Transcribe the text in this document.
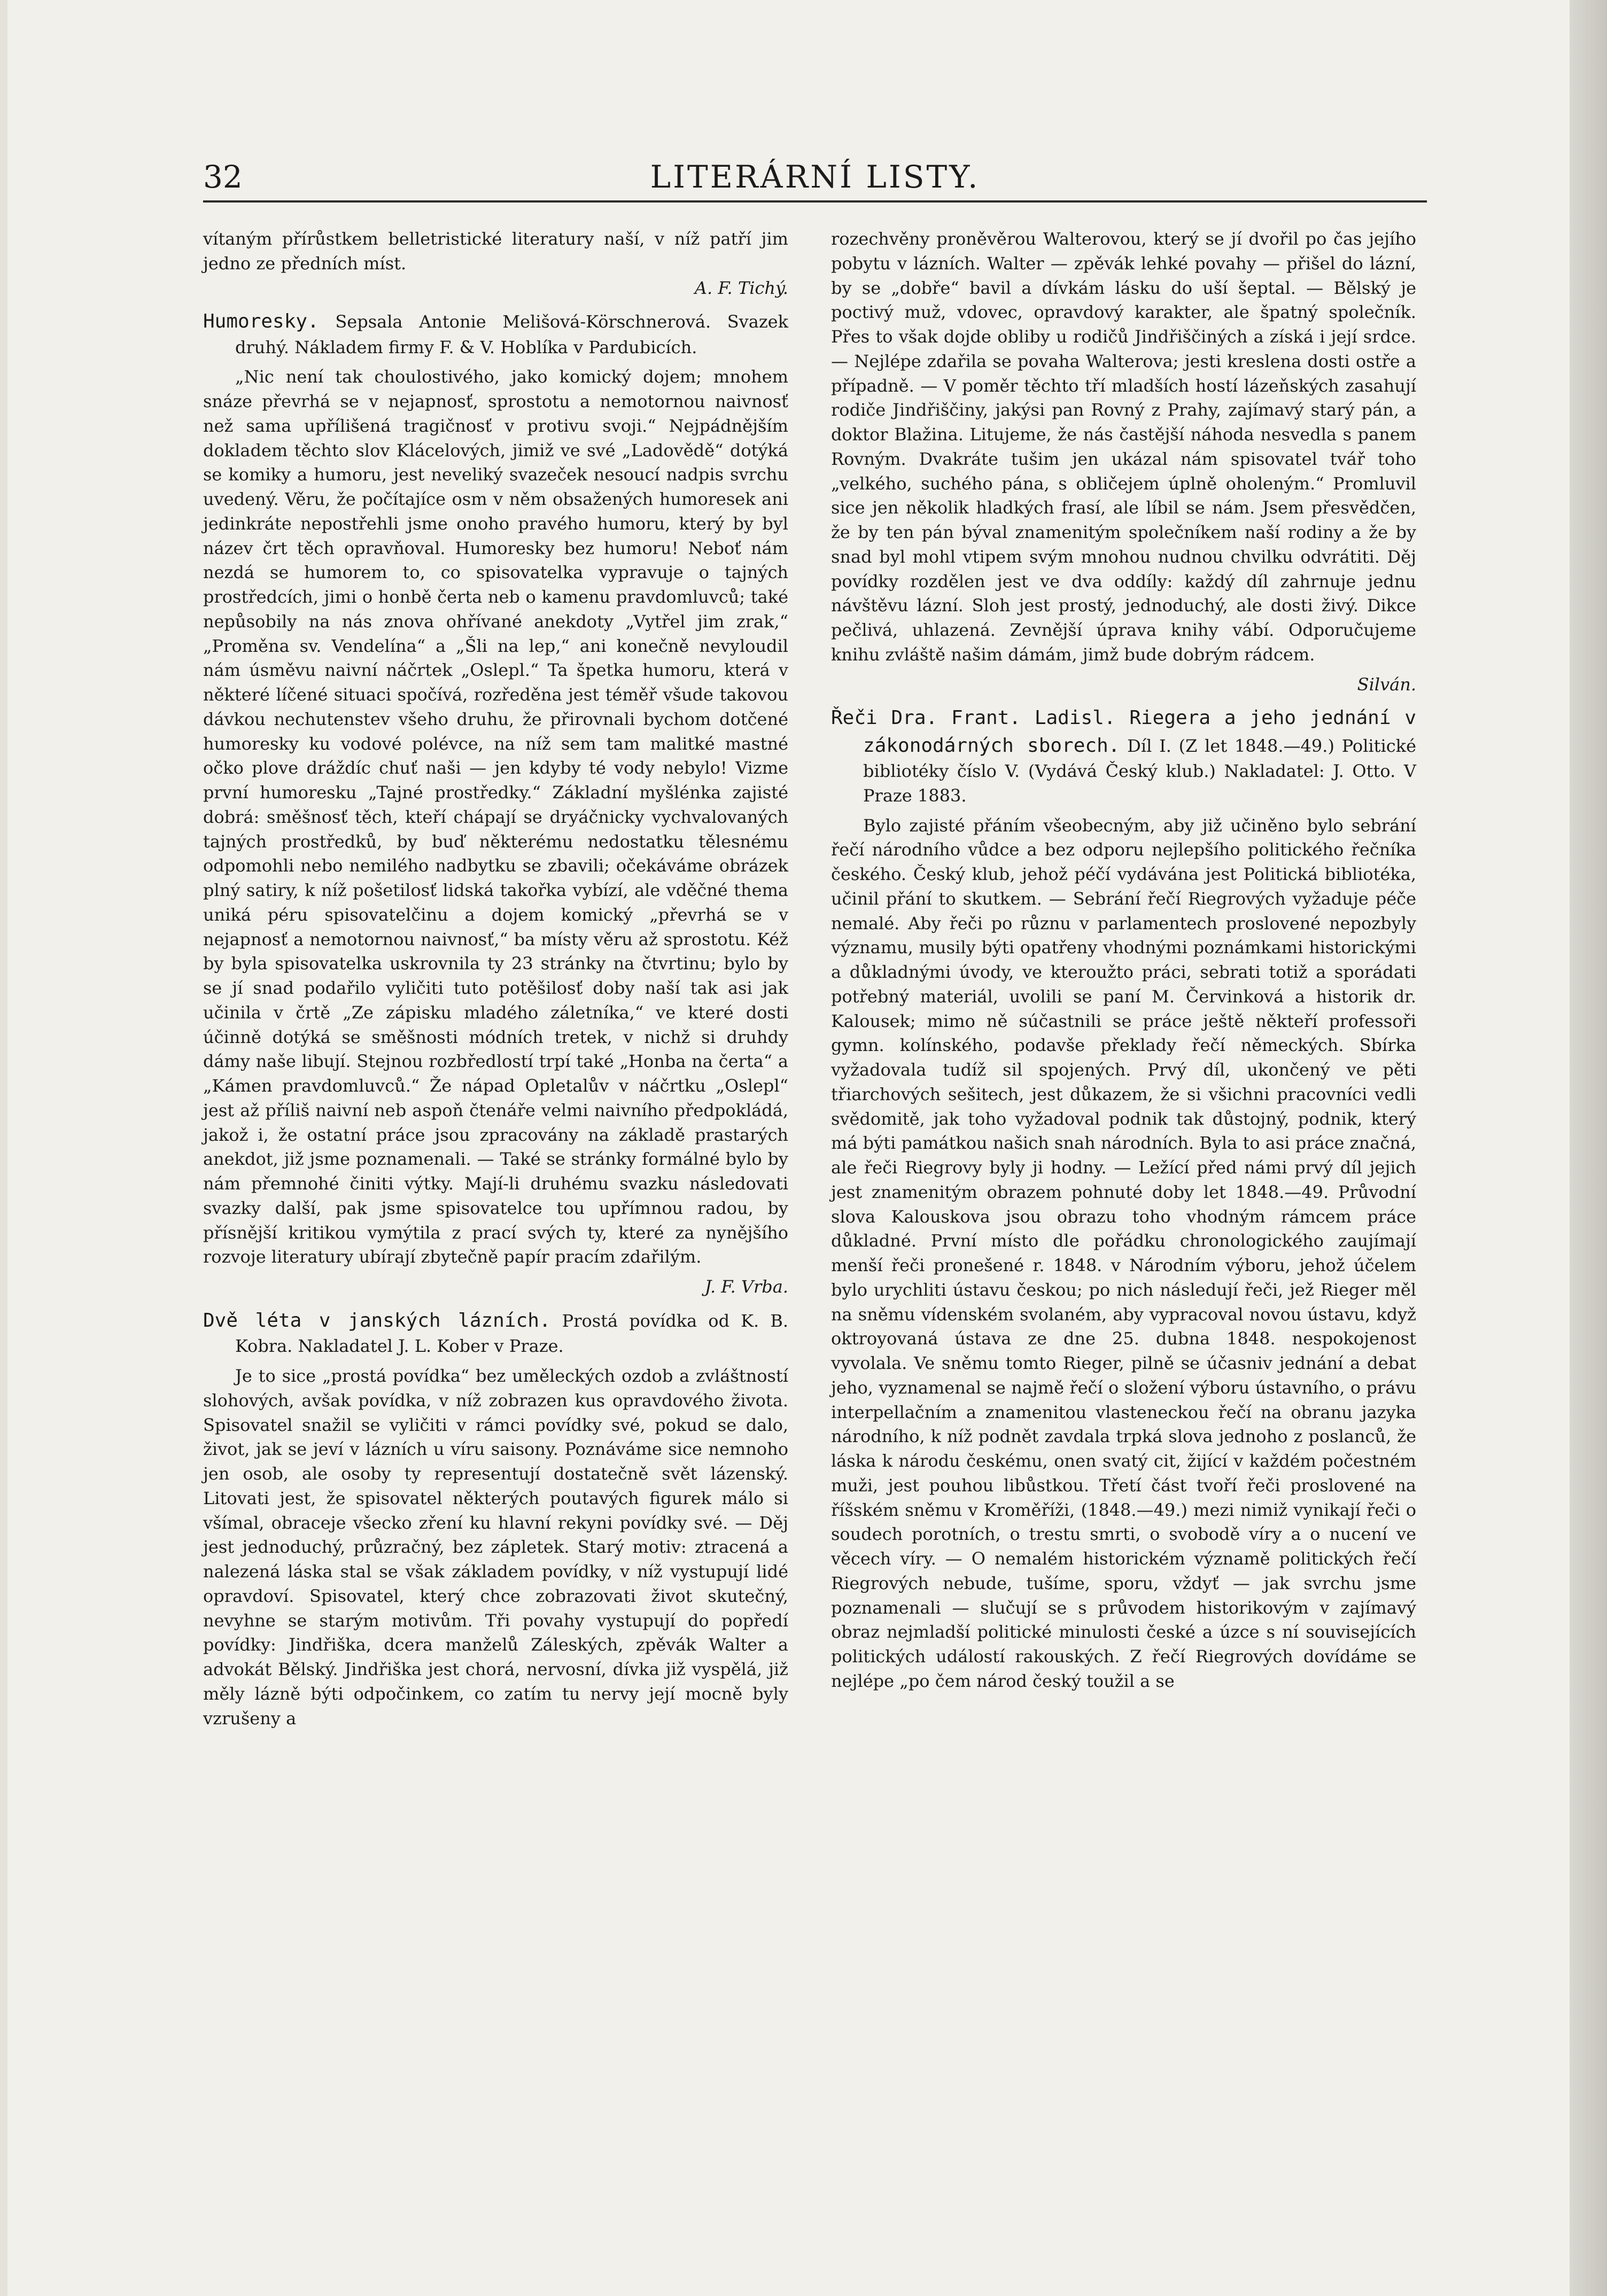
32	LITERÁRNÍ LISTY.

vítaným přírůstkem belletristické literatury naší, v níž patří jim jedno ze předních míst.
A. F. Tichý.

Humoresky. Sepsala Antonie Melišová-Körschnerová. Svazek druhý. Nákladem firmy F. & V. Hoblíka v Pardubicích.

„Nic není tak choulostivého, jako komický dojem; mnohem snáze převrhá se v nejapnosť, sprostotu a nemotornou naivnosť než sama upřílišená tragičnosť v protivu svoji.“ Nejpádnějším dokladem těchto slov Klácelových, jimiž ve své „Ladovědě“ dotýká se komiky a humoru, jest neveliký svazeček nesoucí nadpis svrchu uvedený. Věru, že počítajíce osm v něm obsažených humoresek ani jedinkráte nepostřehli jsme onoho pravého humoru, který by byl název črt těch opravňoval. Humoresky bez humoru! Neboť nám nezdá se humorem to, co spisovatelka vypravuje o tajných prostředcích, jimi o honbě čerta neb o kamenu pravdomluvců; také nepůsobily na nás znova ohřívané anekdoty „Vytřel jim zrak,“ „Proměna sv. Vendelína“ a „Šli na lep,“ ani konečně nevyloudil nám úsměvu naivní náčrtek „Oslepl.“ Ta špetka humoru, která v některé líčené situaci spočívá, rozředěna jest téměř všude takovou dávkou nechutenstev všeho druhu, že přirovnali bychom dotčené humoresky ku vodové polévce, na níž sem tam malitké mastné očko plove dráždíc chuť naši — jen kdyby té vody nebylo! Vizme první humoresku „Tajné prostředky.“ Základní myšlénka zajisté dobrá: směšnosť těch, kteří chápají se dryáčnicky vychvalovaných tajných prostředků, by buď některému nedostatku tělesnému odpomohli nebo nemilého nadbytku se zbavili; očekáváme obrázek plný satiry, k níž pošetilosť lidská takořka vybízí, ale vděčné thema uniká péru spisovatelčinu a dojem komický „převrhá se v nejapnosť a nemotornou naivnosť,“ ba místy věru až sprostotu. Kéž by byla spisovatelka uskrovnila ty 23 stránky na čtvrtinu; bylo by se jí snad podařilo vyličiti tuto potěšilosť doby naší tak asi jak učinila v črtě „Ze zápisku mladého záletníka,“ ve které dosti účinně dotýká se směšnosti módních tretek, v nichž si druhdy dámy naše libují. Stejnou rozbředlostí trpí také „Honba na čerta“ a „Kámen pravdomluvců.“ Že nápad Opletalův v náčrtku „Oslepl“ jest až příliš naivní neb aspoň čtenáře velmi naivního předpokládá, jakož i, že ostatní práce jsou zpracovány na základě prastarých anekdot, již jsme poznamenali. — Také se stránky formálné bylo by nám přemnohé činiti výtky. Mají-li druhému svazku následovati svazky další, pak jsme spisovatelce tou upřímnou radou, by přísnější kritikou vymýtila z prací svých ty, které za nynějšího rozvoje literatury ubírají zbytečně papír pracím zdařilým.

J. F. Vrba.
Dvě léta v janských lázních. Prostá povídka od K. B. Kobra. Nakladatel J. L. Kober v Praze.

Je to sice „prostá povídka“ bez uměleckých ozdob a zvláštností slohových, avšak povídka, v níž zobrazen kus opravdového života. Spisovatel snažil se vyličiti v rámci povídky své, pokud se dalo, život, jak se jeví v lázních u víru saisony. Poznáváme sice nemnoho jen osob, ale osoby ty representují dostatečně svět lázenský. Litovati jest, že spisovatel některých poutavých figurek málo si všímal, obraceje všecko zření ku hlavní rekyni povídky své. — Děj jest jednoduchý, průzračný, bez zápletek. Starý motiv: ztracená a nalezená láska stal se však základem povídky, v níž vystupují lidé opravdoví. Spisovatel, který chce zobrazovati život skutečný, nevyhne se starým motivům. Tři povahy vystupují do popředí povídky: Jindřiška, dcera manželů Záleských, zpěvák Walter a advokát Bělský. Jindřiška jest chorá, nervosní, dívka již vyspělá, již měly lázně býti odpočinkem, co zatím tu nervy její mocně byly vzrušeny a

rozechvěny proněvěrou Walterovou, který se jí dvořil po čas jejího pobytu v lázních. Walter — zpěvák lehké povahy — přišel do lázní, by se „dobře“ bavil a dívkám lásku do uší šeptal. — Bělský je poctivý muž, vdovec, opravdový karakter, ale špatný společník. Přes to však dojde obliby u rodičů Jindřiščiných a získá i její srdce. — Nejlépe zdařila se povaha Walterova; jesti kreslena dosti ostře a případně. — V poměr těchto tří mladších hostí lázeňských zasahují rodiče Jindřiščiny, jakýsi pan Rovný z Prahy, zajímavý starý pán, a doktor Blažina. Litujeme, že nás častější náhoda nesvedla s panem Rovným. Dvakráte tušim jen ukázal nám spisovatel tvář toho „velkého, suchého pána, s obličejem úplně oholeným.“ Promluvil sice jen několik hladkých frasí, ale líbil se nám. Jsem přesvědčen, že by ten pán býval znamenitým společníkem naší rodiny a že by snad byl mohl vtipem svým mnohou nudnou chvilku odvrátiti. Děj povídky rozdělen jest ve dva oddíly: každý díl zahrnuje jednu návštěvu lázní. Sloh jest prostý, jednoduchý, ale dosti živý. Dikce pečlivá, uhlazená. Zevnější úprava knihy vábí. Odporučujeme knihu zvláště našim dámám, jimž bude dobrým rádcem.

Silván.
Řeči Dra. Frant. Ladisl. Riegera a jeho jednání v zákonodárných sborech. Díl I. (Z let 1848.—49.) Politické bibliotéky číslo V. (Vydává Český klub.) Nakladatel: J. Otto. V Praze 1883.

Bylo zajisté přáním všeobecným, aby již učiněno bylo sebrání řečí národního vůdce a bez odporu nejlepšího politického řečníka českého. Český klub, jehož péčí vydávána jest Politická bibliotéka, učinil přání to skutkem. — Sebrání řečí Riegrových vyžaduje péče nemalé. Aby řeči po různu v parlamentech proslovené nepozbyly významu, musily býti opatřeny vhodnými poznámkami historickými a důkladnými úvody, ve kteroužto práci, sebrati totiž a sporádati potřebný materiál, uvolili se paní M. Červinková a historik dr. Kalousek; mimo ně súčastnili se práce ještě někteří professoři gymn. kolínského, podavše překlady řečí německých. Sbírka vyžadovala tudíž sil spojených. Prvý díl, ukončený ve pěti třiarchových sešitech, jest důkazem, že si všichni pracovníci vedli svědomitě, jak toho vyžadoval podnik tak důstojný, podnik, který má býti památkou našich snah národních. Byla to asi práce značná, ale řeči Riegrovy byly ji hodny. — Ležící před námi prvý díl jejich jest znamenitým obrazem pohnuté doby let 1848.—49. Průvodní slova Kalouskova jsou obrazu toho vhodným rámcem práce důkladné. První místo dle pořádku chronologického zaujímají menší řeči pronešené r. 1848. v Národním výboru, jehož účelem bylo urychliti ústavu českou; po nich následují řeči, jež Rieger měl na sněmu vídenském svolaném, aby vypracoval novou ústavu, když oktroyovaná ústava ze dne 25. dubna 1848. nespokojenost vyvolala. Ve sněmu tomto Rieger, pilně se účasniv jednání a debat jeho, vyznamenal se najmě řečí o složení výboru ústavního, o právu interpellačním a znamenitou vlasteneckou řečí na obranu jazyka národního, k níž podnět zavdala trpká slova jednoho z poslanců, že láska k národu českému, onen svatý cit, žijící v každém počestném muži, jest pouhou libůstkou. Třetí část tvoří řeči proslovené na říšském sněmu v Kroměříži, (1848.—49.) mezi nimiž vynikají řeči o soudech porotních, o trestu smrti, o svobodě víry a o nucení ve věcech víry. — O nemalém historickém významě politických řečí Riegrových nebude, tušíme, sporu, vždyť — jak svrchu jsme poznamenali — slučují se s průvodem historikovým v zajímavý obraz nejmladší politické minulosti české a úzce s ní souvisejících politických událostí rakouských. Z řečí Riegrových dovídáme se nejlépe „po čem národ český toužil a se
